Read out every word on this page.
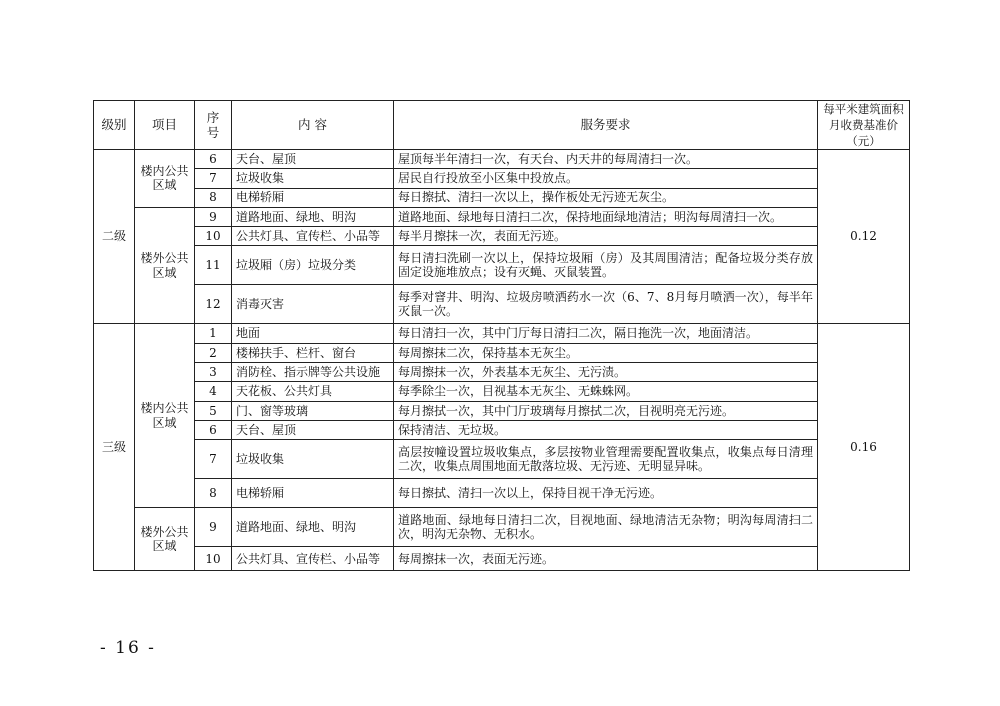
级别	项目	序号	内 容	服务要求	每平米建筑面积月收费基准价（元）
二级	楼内公共区域	6	天台、屋顶	屋顶每半年清扫一次，有天台、内天井的每周清扫一次。	0.12
		7	垃圾收集	居民自行投放至小区集中投放点。	
		8	电梯轿厢	每日擦拭、清扫一次以上，操作板处无污迹无灰尘。	
	楼外公共区域	9	道路地面、绿地、明沟	道路地面、绿地每日清扫二次，保持地面绿地清洁；明沟每周清扫一次。	
		10	公共灯具、宣传栏、小品等	每半月擦抹一次，表面无污迹。	
		11	垃圾厢（房）垃圾分类	每日清扫洗刷一次以上，保持垃圾厢（房）及其周围清洁；配备垃圾分类存放固定设施堆放点；设有灭蝇、灭鼠装置。	
		12	消毒灭害	每季对窨井、明沟、垃圾房喷洒药水一次（6、7、8月每月喷洒一次），每半年灭鼠一次。	
三级	楼内公共区域	1	地面	每日清扫一次，其中门厅每日清扫二次，隔日拖洗一次，地面清洁。	0.16
		2	楼梯扶手、栏杆、窗台	每周擦抹二次，保持基本无灰尘。	
		3	消防栓、指示牌等公共设施	每周擦抹一次，外表基本无灰尘、无污渍。	
		4	天花板、公共灯具	每季除尘一次，目视基本无灰尘、无蛛蛛网。	
		5	门、窗等玻璃	每月擦拭一次，其中门厅玻璃每月擦拭二次，目视明亮无污迹。	
		6	天台、屋顶	保持清洁、无垃圾。	
		7	垃圾收集	高层按幢设置垃圾收集点，多层按物业管理需要配置收集点，收集点每日清理二次，收集点周围地面无散落垃圾、无污迹、无明显异味。	
		8	电梯轿厢	每日擦拭、清扫一次以上，保持目视干净无污迹。	
	楼外公共区域	9	道路地面、绿地、明沟	道路地面、绿地每日清扫二次，目视地面、绿地清洁无杂物；明沟每周清扫二次，明沟无杂物、无积水。	
		10	公共灯具、宣传栏、小品等	每周擦抹一次，表面无污迹。	
- 16 -
